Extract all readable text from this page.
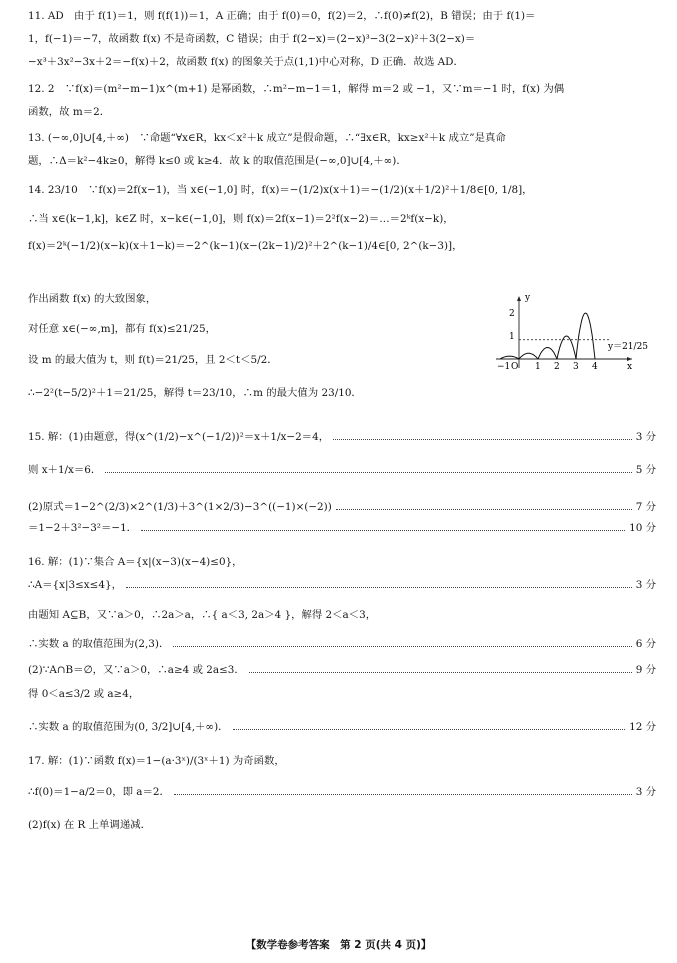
11. AD　由于 f(1)＝1，则 f(f(1))＝1，A 正确；由于 f(0)＝0，f(2)＝2，∴f(0)≠f(2)，B 错误；由于 f(1)＝
1，f(−1)＝−7，故函数 f(x) 不是奇函数，C 错误；由于 f(2−x)＝(2−x)³−3(2−x)²＋3(2−x)＝
−x³＋3x²−3x＋2＝−f(x)＋2，故函数 f(x) 的图象关于点(1,1)中心对称，D 正确．故选 AD．
12. 2　∵f(x)＝(m²−m−1)x^(m+1) 是幂函数，∴m²−m−1＝1，解得 m＝2 或 −1，又∵m＝−1 时，f(x) 为偶
函数，故 m＝2．
13. (−∞,0]∪[4,＋∞)　∵命题“∀x∈R，kx＜x²＋k 成立”是假命题，∴“∃x∈R，kx≥x²＋k 成立”是真命
题，∴Δ＝k²−4k≥0，解得 k≤0 或 k≥4．故 k 的取值范围是(−∞,0]∪[4,＋∞)．
14. 23/10　∵f(x)＝2f(x−1)，当 x∈(−1,0] 时，f(x)＝−(1/2)x(x＋1)＝−(1/2)(x＋1/2)²＋1/8∈[0, 1/8]，
∴当 x∈(k−1,k]，k∈Z 时，x−k∈(−1,0]，则 f(x)＝2f(x−1)＝2²f(x−2)＝…＝2ᵏf(x−k)，
f(x)＝2ᵏ(−1/2)(x−k)(x＋1−k)＝−2^(k−1)(x−(2k−1)/2)²＋2^(k−1)/4∈[0, 2^(k−3)]，
作出函数 f(x) 的大致图象，
对任意 x∈(−∞,m]，都有 f(x)≤21/25，
设 m 的最大值为 t，则 f(t)＝21/25，且 2＜t＜5/2．
∴−2²(t−5/2)²＋1＝21/25，解得 t＝23/10，∴m 的最大值为 23/10．
15. 解：(1)由题意，得(x^(1/2)−x^(−1/2))²＝x＋1/x−2＝4，	3 分
则 x＋1/x＝6．	5 分
(2)原式＝1−2^(2/3)×2^(1/3)＋3^(1×2/3)−3^((−1)×(−2))	7 分
＝1−2＋3²−3²＝−1．	10 分
16. 解：(1)∵集合 A＝{x|(x−3)(x−4)≤0}，
∴A＝{x|3≤x≤4}，	3 分
由题知 A⊆B，又∵a＞0，∴2a＞a，∴{ a＜3, 2a＞4 }，解得 2＜a＜3，
∴实数 a 的取值范围为(2,3)．	6 分
(2)∵A∩B＝∅，又∵a＞0，∴a≥4 或 2a≤3．	9 分
得 0＜a≤3/2 或 a≥4，
∴实数 a 的取值范围为(0, 3/2]∪[4,＋∞)．	12 分
17. 解：(1)∵函数 f(x)＝1−(a·3ˣ)/(3ˣ＋1) 为奇函数，
∴f(0)＝1−a/2＝0，即 a＝2．	3 分
(2)f(x) 在 R 上单调递减．
y
x
O
−1	1 2 3 4
1
2
y＝21/25
【数学卷参考答案　第 2 页(共 4 页)】
